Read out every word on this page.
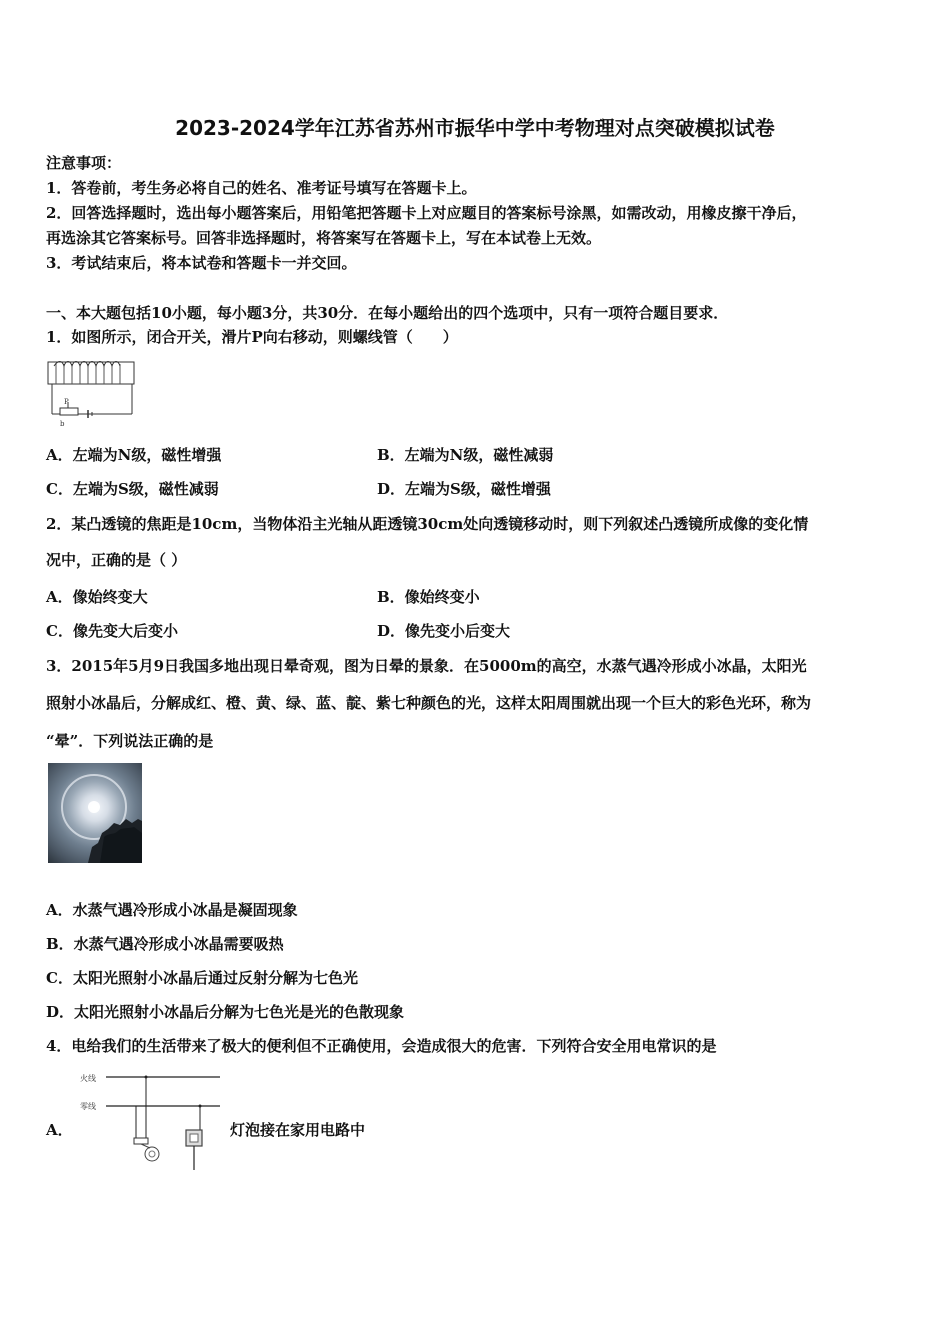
2023-2024学年江苏省苏州市振华中学中考物理对点突破模拟试卷
注意事项：
1．答卷前，考生务必将自己的姓名、准考证号填写在答题卡上。
2．回答选择题时，选出每小题答案后，用铅笔把答题卡上对应题目的答案标号涂黑，如需改动，用橡皮擦干净后，
再选涂其它答案标号。回答非选择题时，将答案写在答题卡上，写在本试卷上无效。
3．考试结束后，将本试卷和答题卡一并交回。
一、本大题包括10小题，每小题3分，共30分．在每小题给出的四个选项中，只有一项符合题目要求．
1．如图所示，闭合开关，滑片P向右移动，则螺线管（　　）
P
b
A．左端为N级，磁性增强	B．左端为N级，磁性减弱
C．左端为S级，磁性减弱	D．左端为S级，磁性增强
2．某凸透镜的焦距是10cm，当物体沿主光轴从距透镜30cm处向透镜移动时，则下列叙述凸透镜所成像的变化情
况中，正确的是（ ）
A．像始终变大	B．像始终变小
C．像先变大后变小	D．像先变小后变大
3．2015年5月9日我国多地出现日晕奇观，图为日晕的景象．在5000m的高空，水蒸气遇冷形成小冰晶，太阳光
照射小冰晶后，分解成红、橙、黄、绿、蓝、靛、紫七种颜色的光，这样太阳周围就出现一个巨大的彩色光环，称为
“晕”．下列说法正确的是
A．水蒸气遇冷形成小冰晶是凝固现象
B．水蒸气遇冷形成小冰晶需要吸热
C．太阳光照射小冰晶后通过反射分解为七色光
D．太阳光照射小冰晶后分解为七色光是光的色散现象
4．电给我们的生活带来了极大的便利但不正确使用，会造成很大的危害．下列符合安全用电常识的是
A．
火线
零线
灯泡接在家用电路中
